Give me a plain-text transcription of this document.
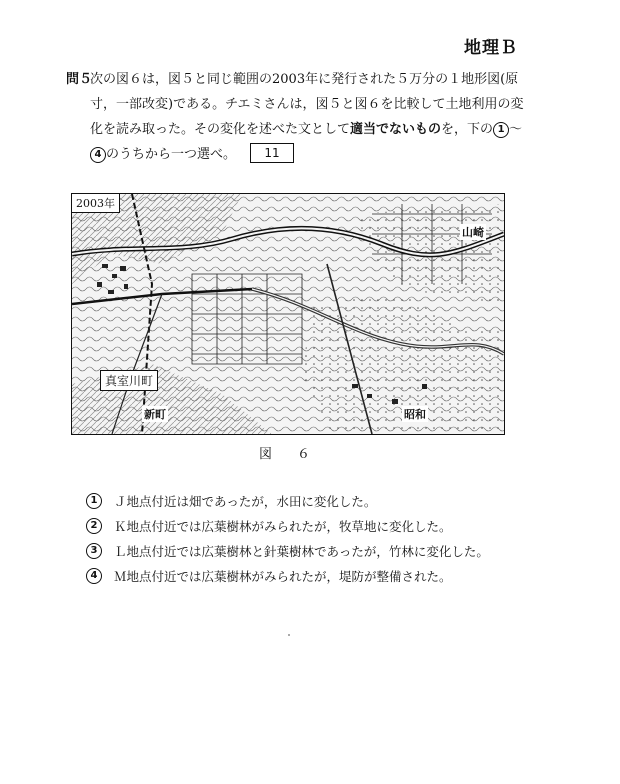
地理Ｂ
問５
次の図６は，図５と同じ範囲の2003年に発行された５万分の１地形図(原寸，一部改変)である。チエミさんは，図５と図６を比較して土地利用の変化を読み取った。その変化を述べた文として適当でないものを，下の 1 ～4 のうちから一つ選べ。 11
2003年
真室川町
山崎
昭和
新町
図　６
1	Ｊ地点付近は畑であったが，水田に変化した。
2	Ｋ地点付近では広葉樹林がみられたが，牧草地に変化した。
3	Ｌ地点付近では広葉樹林と針葉樹林であったが，竹林に変化した。
4	Ｍ地点付近では広葉樹林がみられたが，堤防が整備された。
